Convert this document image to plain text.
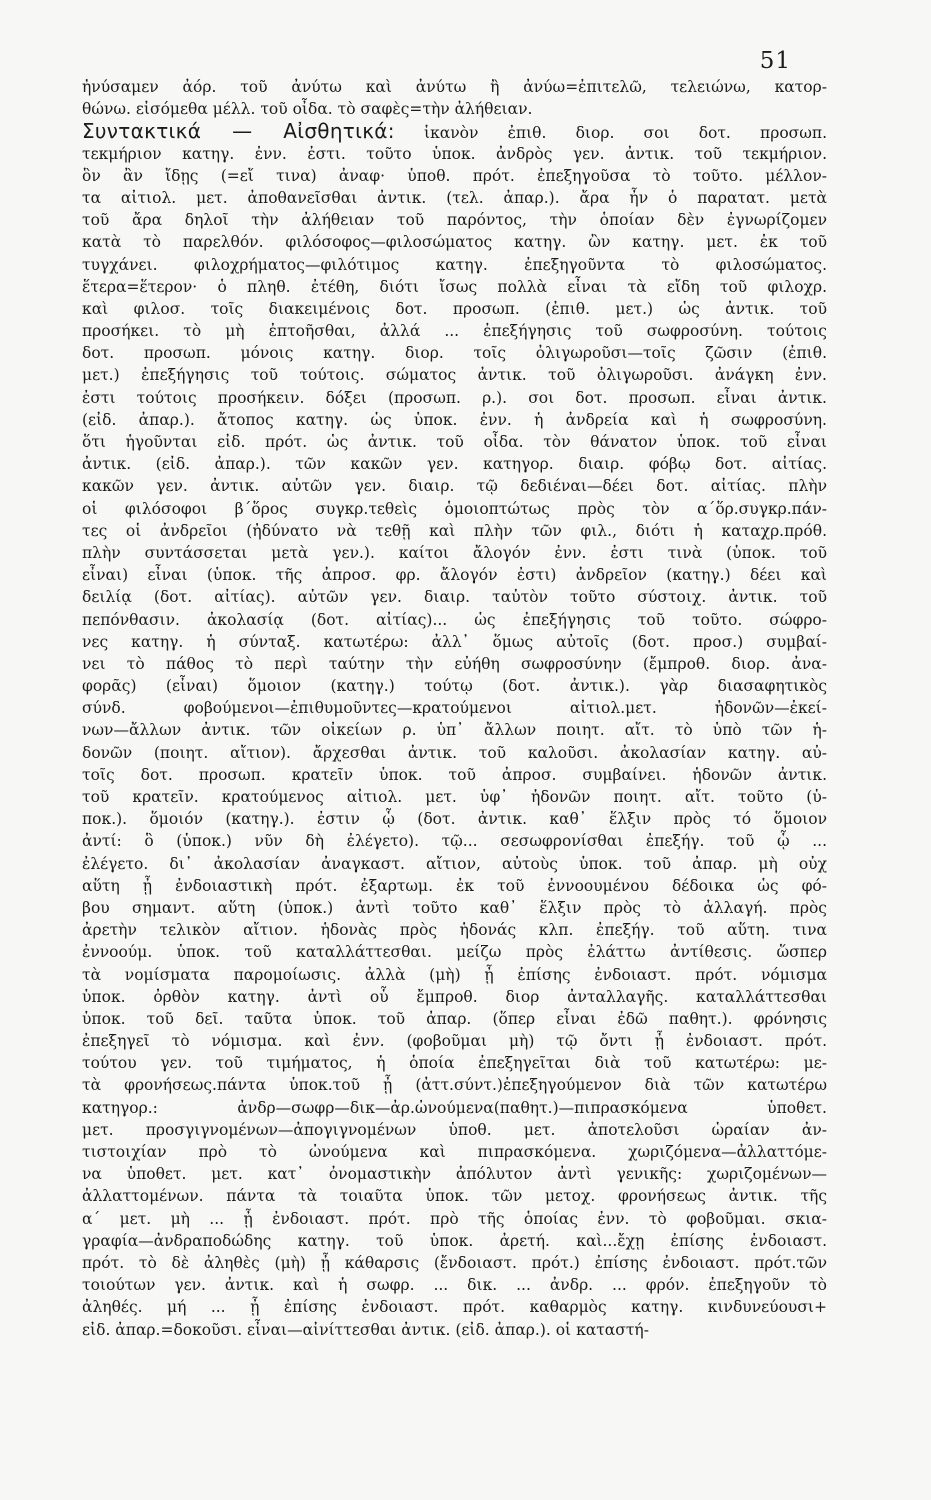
51
ἠνύσαμεν ἀόρ. τοῦ ἀνύτω καὶ ἀνύτω ἢ ἀνύω=ἐπιτελῶ, τελειώνω, κατορ-
θώνω. εἰσόμεθα μέλλ. τοῦ οἶδα. τὸ σαφὲς=τὴν ἀλήθειαν.
Συντακτικά — Αἰσθητικά: ἱκανὸν ἐπιθ. διορ. σοι δοτ. προσωπ.
τεκμήριον κατηγ. ἐνν. ἐστι. τοῦτο ὑποκ. ἀνδρὸς γεν. ἀντικ. τοῦ τεκμήριον.
ὃν ἂν ἴδῃς (=εἴ τινα) ἀναφ· ὑποθ. πρότ. ἐπεξηγοῦσα τὸ τοῦτο. μέλλον-
τα αἰτιολ. μετ. ἀποθανεῖσθαι ἀντικ. (τελ. ἀπαρ.). ἄρα ἦν ὁ παρατατ. μετὰ
τοῦ ἄρα δηλοῖ τὴν ἀλήθειαν τοῦ παρόντος, τὴν ὁποίαν δὲν ἐγνωρίζομεν
κατὰ τὸ παρελθόν. φιλόσοφος—φιλοσώματος κατηγ. ὢν κατηγ. μετ. ἐκ τοῦ
τυγχάνει. φιλοχρήματος—φιλότιμος κατηγ. ἐπεξηγοῦντα τὸ φιλοσώματος.
ἕτερα=ἕτερον· ὁ πληθ. ἐτέθη, διότι ἴσως πολλὰ εἶναι τὰ εἴδη τοῦ φιλοχρ.
καὶ φιλοσ. τοῖς διακειμένοις δοτ. προσωπ. (ἐπιθ. μετ.) ὡς ἀντικ. τοῦ
προσήκει. τὸ μὴ ἐπτοῆσθαι, ἀλλά ... ἐπεξήγησις τοῦ σωφροσύνη. τούτοις
δοτ. προσωπ. μόνοις κατηγ. διορ. τοῖς ὀλιγωροῦσι—τοῖς ζῶσιν (ἐπιθ.
μετ.) ἐπεξήγησις τοῦ τούτοις. σώματος ἀντικ. τοῦ ὀλιγωροῦσι. ἀνάγκη ἐνν.
ἐστι τούτοις προσήκειν. δόξει (προσωπ. ρ.). σοι δοτ. προσωπ. εἶναι ἀντικ.
(εἰδ. ἀπαρ.). ἄτοπος κατηγ. ὡς ὑποκ. ἐνν. ἡ ἀνδρεία καὶ ἡ σωφροσύνη.
ὅτι ἡγοῦνται εἰδ. πρότ. ὡς ἀντικ. τοῦ οἶδα. τὸν θάνατον ὑποκ. τοῦ εἶναι
ἀντικ. (εἰδ. ἀπαρ.). τῶν κακῶν γεν. κατηγορ. διαιρ. φόβῳ δοτ. αἰτίας.
κακῶν γεν. ἀντικ. αὐτῶν γεν. διαιρ. τῷ δεδιέναι—δέει δοτ. αἰτίας. πλὴν
οἱ φιλόσοφοι β΄ὅρος συγκρ.τεθεὶς ὁμοιοπτώτως πρὸς τὸν α΄ὅρ.συγκρ.πάν-
τες οἱ ἀνδρεῖοι (ἠδύνατο νὰ τεθῇ καὶ πλὴν τῶν φιλ., διότι ἡ καταχρ.πρόθ.
πλὴν συντάσσεται μετὰ γεν.). καίτοι ἄλογόν ἐνν. ἐστι τινὰ (ὑποκ. τοῦ
εἶναι) εἶναι (ὑποκ. τῆς ἀπροσ. φρ. ἄλογόν ἐστι) ἀνδρεῖον (κατηγ.) δέει καὶ
δειλίᾳ (δοτ. αἰτίας). αὐτῶν γεν. διαιρ. ταὐτὸν τοῦτο σύστοιχ. ἀντικ. τοῦ
πεπόνθασιν. ἀκολασίᾳ (δοτ. αἰτίας)... ὡς ἐπεξήγησις τοῦ τοῦτο. σώφρο-
νες κατηγ. ἡ σύνταξ. κατωτέρω: ἀλλ᾽ ὅμως αὐτοῖς (δοτ. προσ.) συμβαί-
νει τὸ πάθος τὸ περὶ ταύτην τὴν εὐήθη σωφροσύνην (ἔμπροθ. διορ. ἀνα-
φορᾶς) (εἶναι) ὅμοιον (κατηγ.) τούτῳ (δοτ. ἀντικ.). γὰρ διασαφητικὸς
σύνδ. φοβούμενοι—ἐπιθυμοῦντες—κρατούμενοι αἰτιολ.μετ. ἡδονῶν—ἐκεί-
νων—ἄλλων ἀντικ. τῶν οἰκείων ρ. ὑπ᾽ ἄλλων ποιητ. αἴτ. τὸ ὑπὸ τῶν ἡ-
δονῶν (ποιητ. αἴτιον). ἄρχεσθαι ἀντικ. τοῦ καλοῦσι. ἀκολασίαν κατηγ. αὐ-
τοῖς δοτ. προσωπ. κρατεῖν ὑποκ. τοῦ ἀπροσ. συμβαίνει. ἡδονῶν ἀντικ.
τοῦ κρατεῖν. κρατούμενος αἰτιολ. μετ. ὑφ᾽ ἡδονῶν ποιητ. αἴτ. τοῦτο (ὑ-
ποκ.). ὅμοιόν (κατηγ.). ἐστιν ᾧ (δοτ. ἀντικ. καθ᾽ ἕλξιν πρὸς τό ὅμοιον
ἀντί: ὃ (ὑποκ.) νῦν δὴ ἐλέγετο). τῷ... σεσωφρονίσθαι ἐπεξήγ. τοῦ ᾧ ...
ἐλέγετο. δι᾽ ἀκολασίαν ἀναγκαστ. αἴτιον, αὐτοὺς ὑποκ. τοῦ ἀπαρ. μὴ οὐχ
αὕτη ᾖ ἐνδοιαστικὴ πρότ. ἐξαρτωμ. ἐκ τοῦ ἐννοουμένου δέδοικα ὡς φό-
βου σημαντ. αὕτη (ὑποκ.) ἀντὶ τοῦτο καθ᾽ ἕλξιν πρὸς τὸ ἀλλαγή. πρὸς
ἀρετὴν τελικὸν αἴτιον. ἡδονὰς πρὸς ἡδονάς κλπ. ἐπεξήγ. τοῦ αὕτη. τινα
ἐννοούμ. ὑποκ. τοῦ καταλλάττεσθαι. μείζω πρὸς ἐλάττω ἀντίθεσις. ὥσπερ
τὰ νομίσματα παρομοίωσις. ἀλλὰ (μὴ) ᾖ ἐπίσης ἐνδοιαστ. πρότ. νόμισμα
ὑποκ. ὀρθὸν κατηγ. ἀντὶ οὗ ἔμπροθ. διορ ἀνταλλαγῆς. καταλλάττεσθαι
ὑποκ. τοῦ δεῖ. ταῦτα ὑποκ. τοῦ ἀπαρ. (ὅπερ εἶναι ἐδῶ παθητ.). φρόνησις
ἐπεξηγεῖ τὸ νόμισμα. καὶ ἐνν. (φοβοῦμαι μὴ) τῷ ὄντι ᾖ ἐνδοιαστ. πρότ.
τούτου γεν. τοῦ τιμήματος, ἡ ὁποία ἐπεξηγεῖται διὰ τοῦ κατωτέρω: με-
τὰ φρονήσεως.πάντα ὑποκ.τοῦ ᾖ (ἀττ.σύντ.)ἐπεξηγούμενον διὰ τῶν κατωτέρω
κατηγορ.: ἀνδρ—σωφρ—δικ—ἀρ.ὠνούμενα(παθητ.)—πιπρασκόμενα ὑποθετ.
μετ. προσγιγνομένων—ἀπογιγνομένων ὑποθ. μετ. ἀποτελοῦσι ὡραίαν ἀν-
τιστοιχίαν πρὸ τὸ ὠνούμενα καὶ πιπρασκόμενα. χωριζόμενα—ἀλλαττόμε-
να ὑποθετ. μετ. κατ᾽ ὀνομαστικὴν ἀπόλυτον ἀντὶ γενικῆς: χωριζομένων—
ἀλλαττομένων. πάντα τὰ τοιαῦτα ὑποκ. τῶν μετοχ. φρονήσεως ἀντικ. τῆς
α΄ μετ. μὴ ... ᾖ ἐνδοιαστ. πρότ. πρὸ τῆς ὁποίας ἐνν. τὸ φοβοῦμαι. σκια-
γραφία—ἀνδραποδώδης κατηγ. τοῦ ὑποκ. ἀρετή. καὶ...ἔχῃ ἐπίσης ἐνδοιαστ.
πρότ. τὸ δὲ ἀληθὲς (μὴ) ᾖ κάθαρσις (ἔνδοιαστ. πρότ.) ἐπίσης ἐνδοιαστ. πρότ.τῶν
τοιούτων γεν. ἀντικ. καὶ ἡ σωφρ. ... δικ. ... ἀνδρ. ... φρόν. ἐπεξηγοῦν τὸ
ἀληθές. μή ... ᾖ ἐπίσης ἐνδοιαστ. πρότ. καθαρμὸς κατηγ. κινδυνεύουσι+
εἰδ. ἀπαρ.=δοκοῦσι. εἶναι—αἰνίττεσθαι ἀντικ. (εἰδ. ἀπαρ.). οἱ καταστή-
